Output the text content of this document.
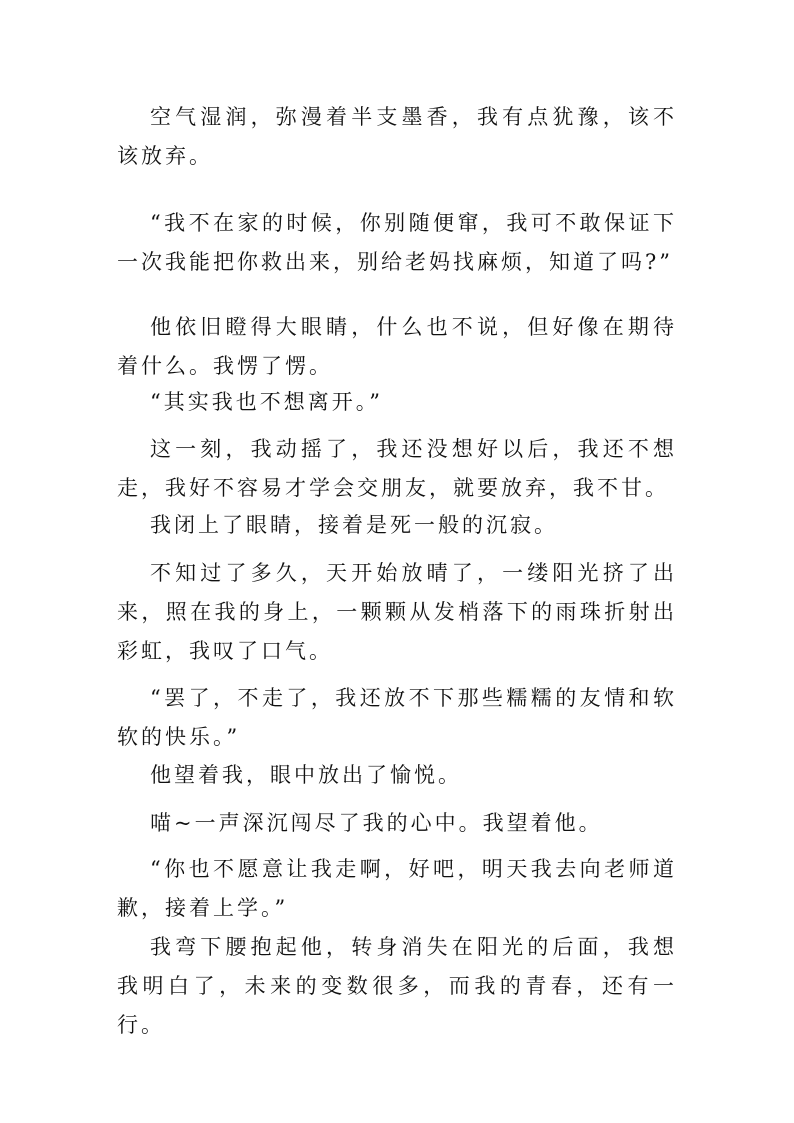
空气湿润，弥漫着半支墨香，我有点犹豫，该不该放弃。

“我不在家的时候，你别随便窜，我可不敢保证下一次我能把你救出来，别给老妈找麻烦，知道了吗?”

他依旧瞪得大眼睛，什么也不说，但好像在期待着什么。我愣了愣。

“其实我也不想离开。”

这一刻，我动摇了，我还没想好以后，我还不想走，我好不容易才学会交朋友，就要放弃，我不甘。

我闭上了眼睛，接着是死一般的沉寂。

不知过了多久，天开始放晴了，一缕阳光挤了出来，照在我的身上，一颗颗从发梢落下的雨珠折射出彩虹，我叹了口气。

“罢了，不走了，我还放不下那些糯糯的友情和软软的快乐。”

他望着我，眼中放出了愉悦。

喵~一声深沉闯尽了我的心中。我望着他。

“你也不愿意让我走啊，好吧，明天我去向老师道歉，接着上学。”

我弯下腰抱起他，转身消失在阳光的后面，我想我明白了，未来的变数很多，而我的青春，还有一行。
